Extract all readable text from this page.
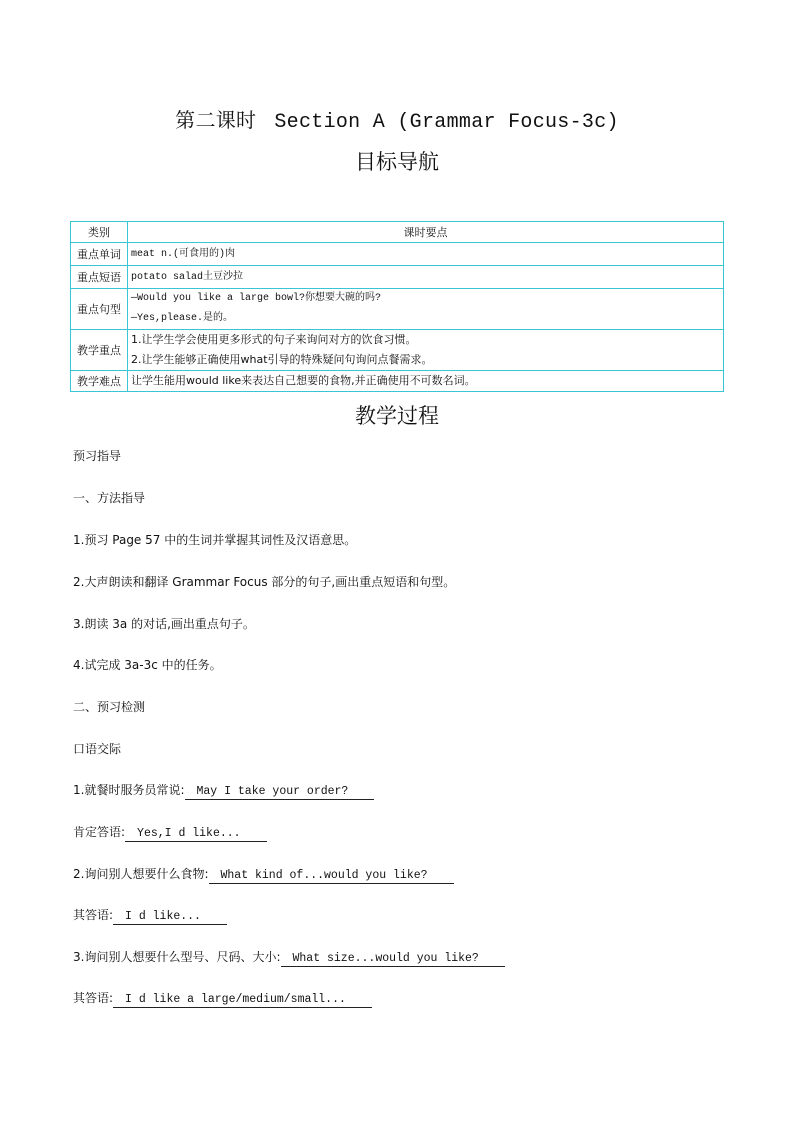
第二课时 Section A (Grammar Focus-3c)
目标导航
类别	课时要点
重点单词	meat n.(可食用的)肉
重点短语	potato salad土豆沙拉
重点句型	—Would you like a large bowl?你想要大碗的吗?
—Yes,please.是的。

教学重点	1.让学生学会使用更多形式的句子来询问对方的饮食习惯。
2.让学生能够正确使用what引导的特殊疑问句询问点餐需求。

教学难点	让学生能用would like来表达自己想要的食物,并正确使用不可数名词。
教学过程
预习指导
一、方法指导
1.预习 Page 57 中的生词并掌握其词性及汉语意思。
2.大声朗读和翻译 Grammar Focus 部分的句子,画出重点短语和句型。
3.朗读 3a 的对话,画出重点句子。
4.试完成 3a-3c 中的任务。
二、预习检测
口语交际
1.就餐时服务员常说: May I take your order?
肯定答语: Yes,I d like...
2.询问别人想要什么食物: What kind of...would you like?
其答语: I d like...
3.询问别人想要什么型号、尺码、大小: What size...would you like?
其答语: I d like a large/medium/small...
